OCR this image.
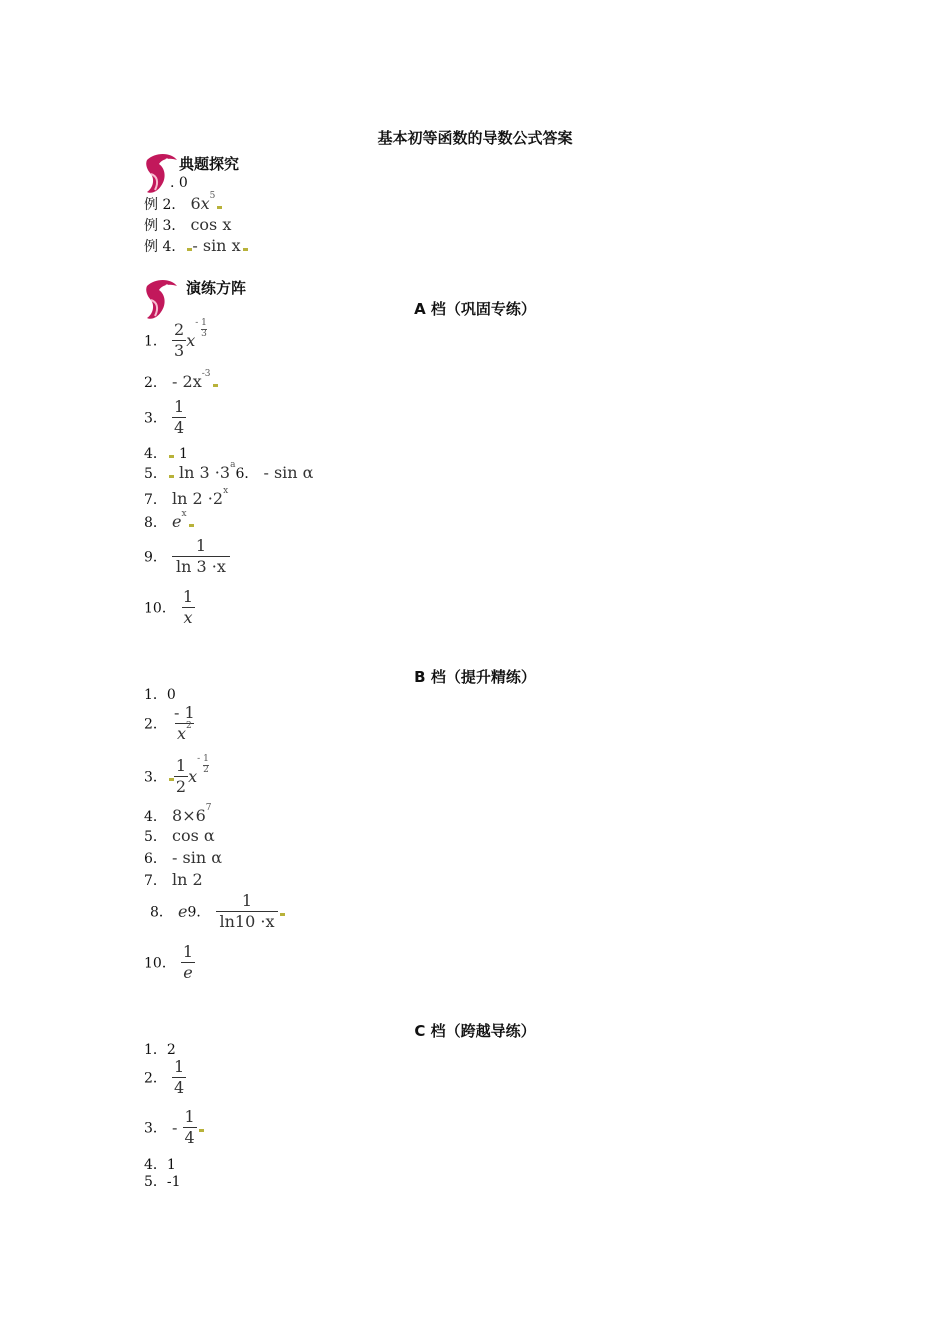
基本初等函数的导数公式答案
典题探究
. 0
例 2． $6x^5$
例 3． cos x
例 4． - sin x
演练方阵
A 档（巩固专练）
1． $\frac{2}{3} x- \frac{1}{3}$
2． - $2x^{-3}$
3． $\frac{1}{4}$
4． 1
5． $\ln 3 \cdot 3^a6$． - sin α
7． $\ln 2 \cdot 2^x$
8． $e^x$
9． $\frac{1}{\ln 3 \cdot x}$
10． $\frac{1}{x}$
B 档（提升精练）
1．0
2． $\frac{- 1}{x^2}$
3． $\frac{1}{2} x- \frac{1}{2}$
4． $8\times 6^7$
5． cos α
6． - sin α
7． ln 2
8． e9． $\frac{1}{\ln 10 \cdot x}$
10． $\frac{1}{e}$
C 档（跨越导练）
1．2
2． $\frac{1}{4}$
3． - $\frac{1}{4}$
4．1
5．-1
